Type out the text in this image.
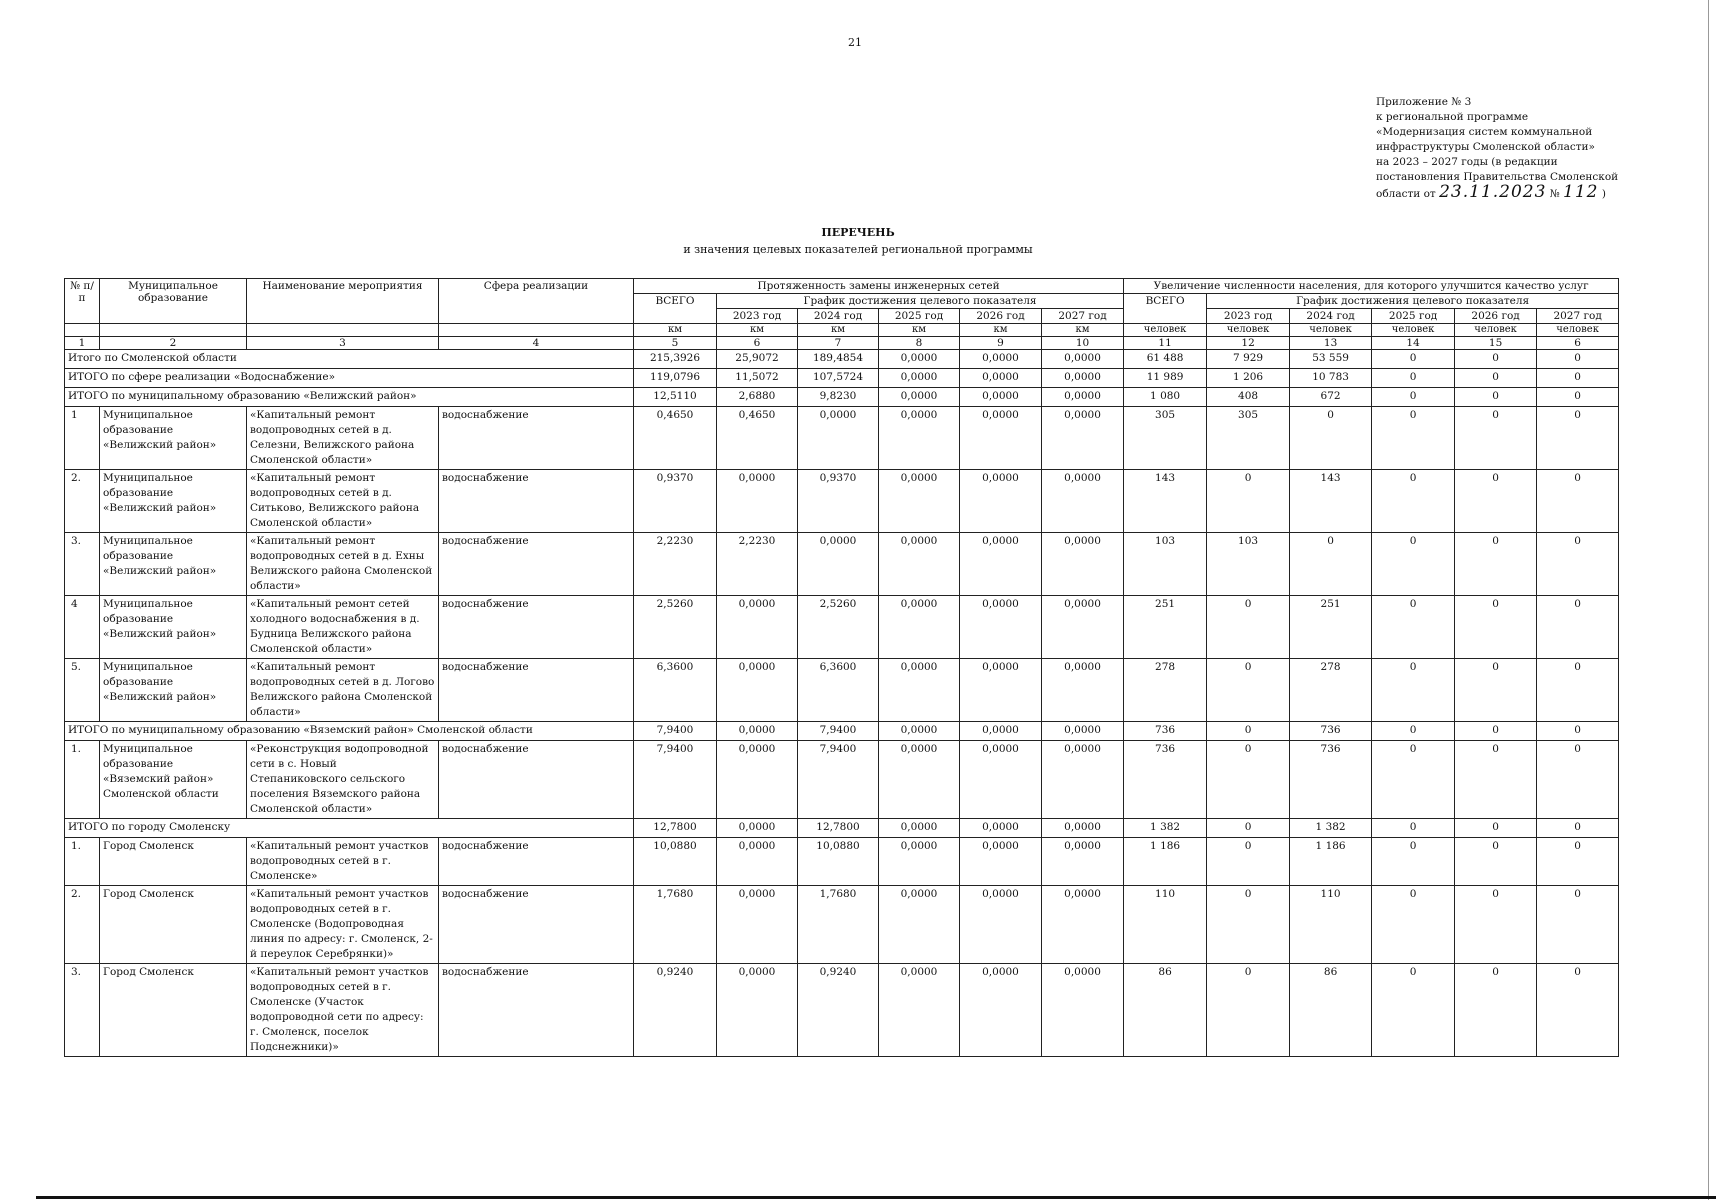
21
Приложение № 3
к региональной программе
«Модернизация систем коммунальной
инфраструктуры Смоленской области»
на 2023 – 2027 годы (в редакции
постановления Правительства Смоленской
области от 23.11.2023 № 112 )
ПЕРЕЧЕНЬ
и значения целевых показателей региональной программы
№ п/п	Муниципальное образование	Наименование мероприятия	Сфера реализации	Протяженность замены инженерных сетей						Увеличение численности населения, для которого улучшится качество услуг					
				ВСЕГО	График достижения целевого показателя					ВСЕГО	График достижения целевого показателя				
					2023 год	2024 год	2025 год	2026 год	2027 год		2023 год	2024 год	2025 год	2026 год	2027 год
				км	км	км	км	км	км	человек	человек	человек	человек	человек	человек
1	2	3	4	5	6	7	8	9	10	11	12	13	14	15	6
Итого по Смоленской области				215,3926	25,9072	189,4854	0,0000	0,0000	0,0000	61 488	7 929	53 559	0	0	0
ИТОГО по сфере реализации «Водоснабжение»				119,0796	11,5072	107,5724	0,0000	0,0000	0,0000	11 989	1 206	10 783	0	0	0
ИТОГО по муниципальному образованию «Велижский район»				12,5110	2,6880	9,8230	0,0000	0,0000	0,0000	1 080	408	672	0	0	0
1	Муниципальное образование «Велижский район»	«Капитальный ремонт водопроводных сетей в д. Селезни, Велижского района Смоленской области»	водоснабжение	0,4650	0,4650	0,0000	0,0000	0,0000	0,0000	305	305	0	0	0	0
2.	Муниципальное образование «Велижский район»	«Капитальный ремонт водопроводных сетей в д. Ситьково, Велижского района Смоленской области»	водоснабжение	0,9370	0,0000	0,9370	0,0000	0,0000	0,0000	143	0	143	0	0	0
3.	Муниципальное образование «Велижский район»	«Капитальный ремонт водопроводных сетей в д. Ехны Велижского района Смоленской области»	водоснабжение	2,2230	2,2230	0,0000	0,0000	0,0000	0,0000	103	103	0	0	0	0
4	Муниципальное образование «Велижский район»	«Капитальный ремонт сетей холодного водоснабжения в д. Будница Велижского района Смоленской области»	водоснабжение	2,5260	0,0000	2,5260	0,0000	0,0000	0,0000	251	0	251	0	0	0
5.	Муниципальное образование «Велижский район»	«Капитальный ремонт водопроводных сетей в д. Логово Велижского района Смоленской области»	водоснабжение	6,3600	0,0000	6,3600	0,0000	0,0000	0,0000	278	0	278	0	0	0
ИТОГО по муниципальному образованию «Вяземский район» Смоленской области				7,9400	0,0000	7,9400	0,0000	0,0000	0,0000	736	0	736	0	0	0
1.	Муниципальное образование «Вяземский район» Смоленской области	«Реконструкция водопроводной сети в с. Новый Степаниковского сельского поселения Вяземского района Смоленской области»	водоснабжение	7,9400	0,0000	7,9400	0,0000	0,0000	0,0000	736	0	736	0	0	0
ИТОГО по городу Смоленску				12,7800	0,0000	12,7800	0,0000	0,0000	0,0000	1 382	0	1 382	0	0	0
1.	Город Смоленск	«Капитальный ремонт участков водопроводных сетей в г. Смоленске»	водоснабжение	10,0880	0,0000	10,0880	0,0000	0,0000	0,0000	1 186	0	1 186	0	0	0
2.	Город Смоленск	«Капитальный ремонт участков водопроводных сетей в г. Смоленске (Водопроводная линия по адресу: г. Смоленск, 2-й переулок Серебрянки)»	водоснабжение	1,7680	0,0000	1,7680	0,0000	0,0000	0,0000	110	0	110	0	0	0
3.	Город Смоленск	«Капитальный ремонт участков водопроводных сетей в г. Смоленске (Участок водопроводной сети по адресу: г. Смоленск, поселок Подснежники)»	водоснабжение	0,9240	0,0000	0,9240	0,0000	0,0000	0,0000	86	0	86	0	0	0
